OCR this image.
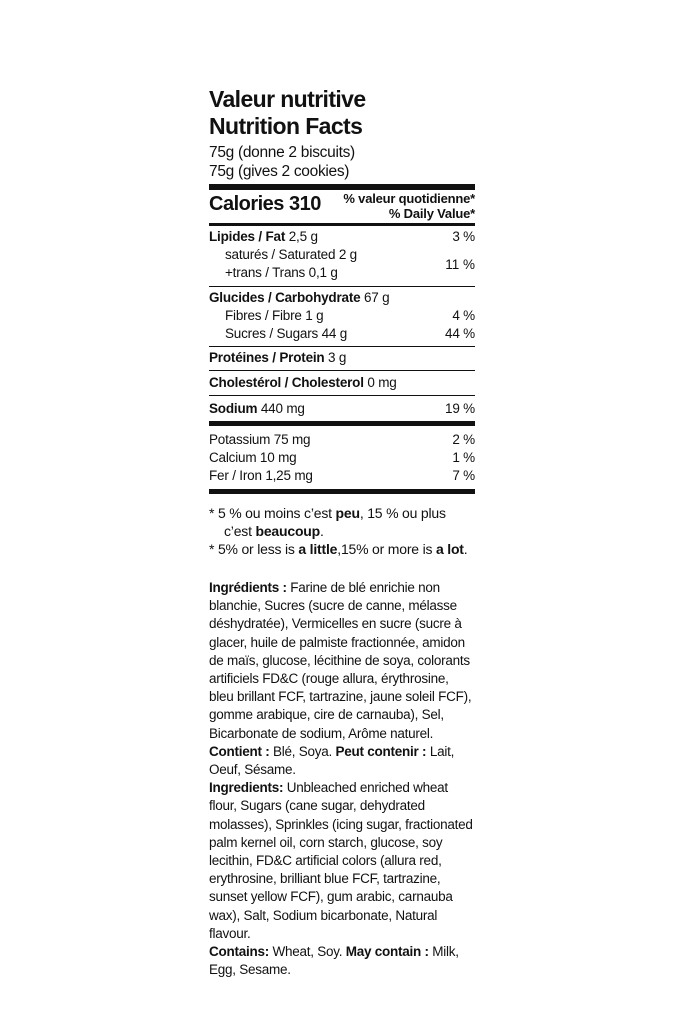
Valeur nutritive
Nutrition Facts
75g (donne 2 biscuits)
75g (gives 2 cookies)
Calories 310 % valeur quotidienne*
% Daily Value*
Lipides / Fat 2,5 g	3 %
saturés / Saturated 2 g
+trans / Trans 0,1 g
11 %
Glucides / Carbohydrate 67 g
Fibres / Fibre 1 g	4 %
Sucres / Sugars 44 g	44 %
Protéines / Protein 3 g
Cholestérol / Cholesterol 0 mg
Sodium 440 mg	19 %
Potassium 75 mg	2 %
Calcium 10 mg	1 %
Fer / Iron 1,25 mg	7 %
* 5 % ou moins c’est peu, 15 % ou plus
c’est beaucoup.
* 5% or less is a little,15% or more is a lot.
Ingrédients : Farine de blé enrichie non blanchie, Sucres (sucre de canne, mélasse déshydratée), Vermicelles en sucre (sucre à glacer, huile de palmiste fractionnée, amidon de maïs, glucose, lécithine de soya, colorants artificiels FD&C (rouge allura, érythrosine, bleu brillant FCF, tartrazine, jaune soleil FCF), gomme arabique, cire de carnauba), Sel, Bicarbonate de sodium, Arôme naturel. Contient : Blé, Soya. Peut contenir : Lait, Oeuf, Sésame.
Ingredients: Unbleached enriched wheat flour, Sugars (cane sugar, dehydrated molasses), Sprinkles (icing sugar, fractionated palm kernel oil, corn starch, glucose, soy lecithin, FD&C artificial colors (allura red, erythrosine, brilliant blue FCF, tartrazine, sunset yellow FCF), gum arabic, carnauba wax), Salt, Sodium bicarbonate, Natural flavour.
Contains: Wheat, Soy. May contain : Milk, Egg, Sesame.
